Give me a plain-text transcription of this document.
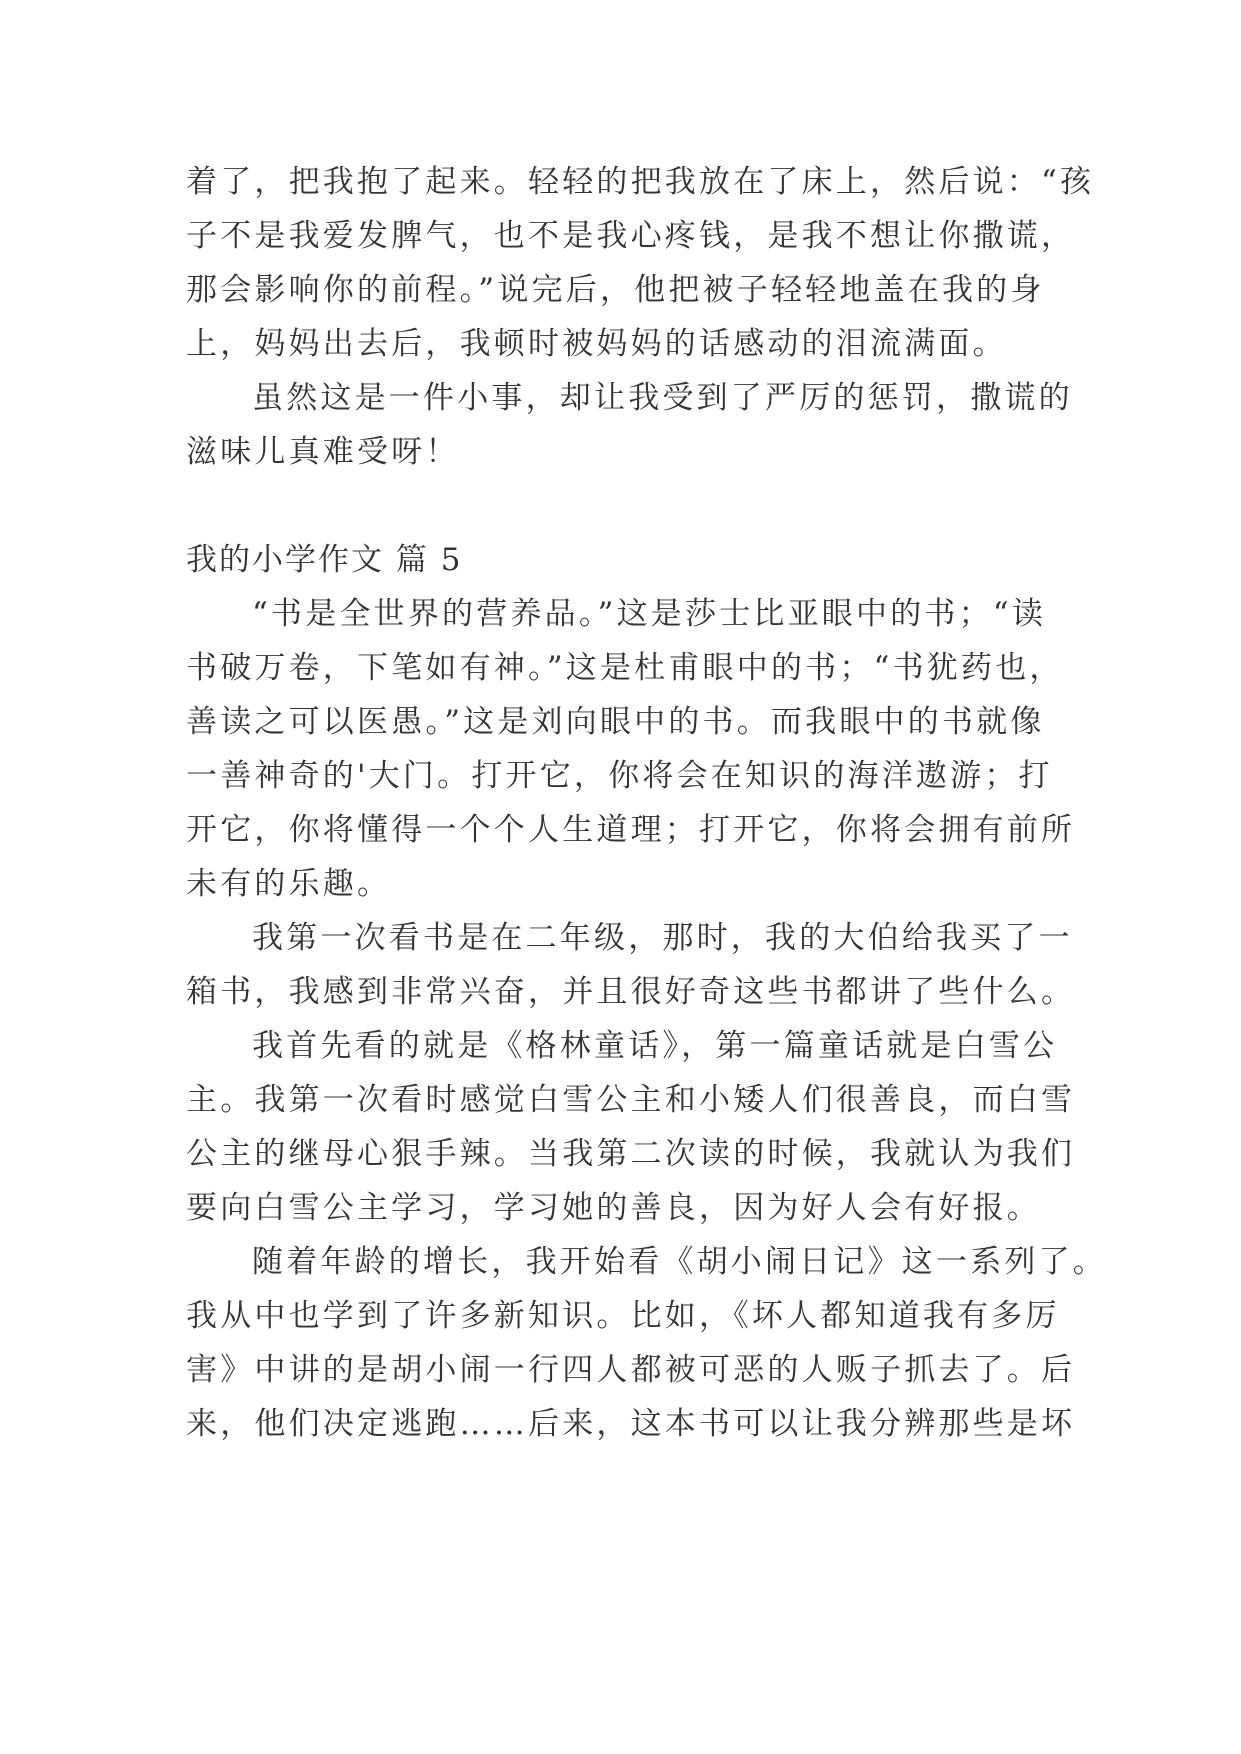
着了，把我抱了起来。轻轻的把我放在了床上，然后说：“孩
子不是我爱发脾气，也不是我心疼钱，是我不想让你撒谎，
那会影响你的前程。”说完后，他把被子轻轻地盖在我的身
上，妈妈出去后，我顿时被妈妈的话感动的泪流满面。
虽然这是一件小事，却让我受到了严厉的惩罚，撒谎的
滋味儿真难受呀！
我的小学作文 篇 5
“书是全世界的营养品。”这是莎士比亚眼中的书；“读
书破万卷，下笔如有神。”这是杜甫眼中的书；“书犹药也，
善读之可以医愚。”这是刘向眼中的书。而我眼中的书就像
一善神奇的'大门。打开它，你将会在知识的海洋遨游；打
开它，你将懂得一个个人生道理；打开它，你将会拥有前所
未有的乐趣。
我第一次看书是在二年级，那时，我的大伯给我买了一
箱书，我感到非常兴奋，并且很好奇这些书都讲了些什么。
我首先看的就是《格林童话》，第一篇童话就是白雪公
主。我第一次看时感觉白雪公主和小矮人们很善良，而白雪
公主的继母心狠手辣。当我第二次读的时候，我就认为我们
要向白雪公主学习，学习她的善良，因为好人会有好报。
随着年龄的增长，我开始看《胡小闹日记》这一系列了。
我从中也学到了许多新知识。比如，《坏人都知道我有多厉
害》中讲的是胡小闹一行四人都被可恶的人贩子抓去了。后
来，他们决定逃跑……后来，这本书可以让我分辨那些是坏
